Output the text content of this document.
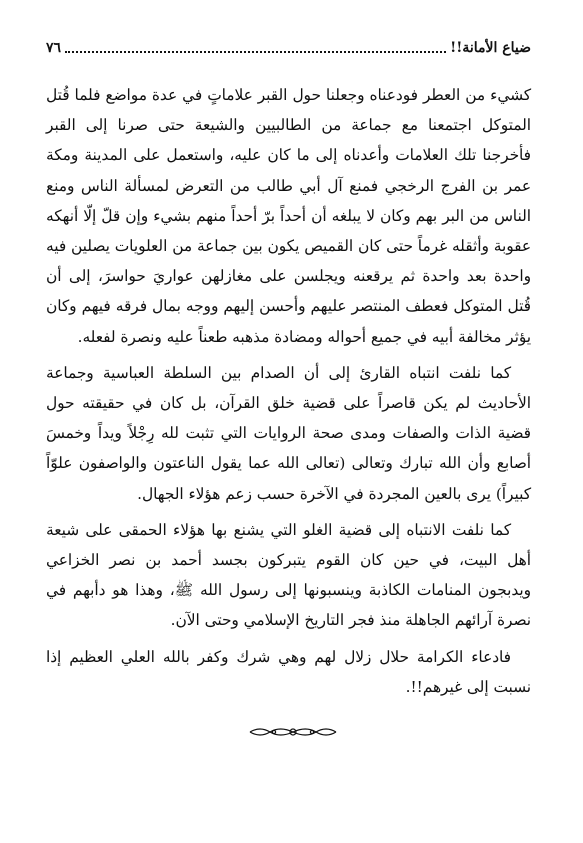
ضياع الأمانة!!
٧٦

كشيء من العطر فودعناه وجعلنا حول القبر علاماتٍ في عدة مواضع فلما قُتل المتوكل اجتمعنا مع جماعة من الطالبيين والشيعة حتى صرنا إلى القبر فأخرجنا تلك العلامات وأعدناه إلى ما كان عليه، واستعمل على المدينة ومكة عمر بن الفرج الرخجي فمنع آل أبي طالب من التعرض لمسألة الناس ومنع الناس من البر بهم وكان لا يبلغه أن أحداً برّ أحداً منهم بشيء وإن قلّ إلّا أنهكه عقوبة وأثقله غرماً حتى كان القميص يكون بين جماعة من العلويات يصلين فيه واحدة بعد واحدة ثم يرقعنه ويجلسن على مغازلهن عواريَ حواسرَ، إلى أن قُتل المتوكل فعطف المنتصر عليهم وأحسن إليهم ووجه بمال فرقه فيهم وكان يؤثر مخالفة أبيه في جميع أحواله ومضادة مذهبه طعناً عليه ونصرة لفعله.

كما نلفت انتباه القارئ إلى أن الصدام بين السلطة العباسية وجماعة الأحاديث لم يكن قاصراً على قضية خلق القرآن، بل كان في حقيقته حول قضية الذات والصفات ومدى صحة الروايات التي تثبت لله رِجْلاً ويداً وخمسَ أصابع وأن الله تبارك وتعالى (تعالى الله عما يقول الناعتون والواصفون علوّاً كبيراً) يرى بالعين المجردة في الآخرة حسب زعم هؤلاء الجهال.

كما نلفت الانتباه إلى قضية الغلو التي يشنع بها هؤلاء الحمقى على شيعة أهل البيت، في حين كان القوم يتبركون بجسد أحمد بن نصر الخزاعي ويدبجون المنامات الكاذبة وينسبونها إلى رسول الله ﷺ، وهذا هو دأبهم في نصرة آرائهم الجاهلة منذ فجر التاريخ الإسلامي وحتى الآن.

فادعاء الكرامة حلال زلال لهم وهي شرك وكفر بالله العلي العظيم إذا نسبت إلى غيرهم!!.
